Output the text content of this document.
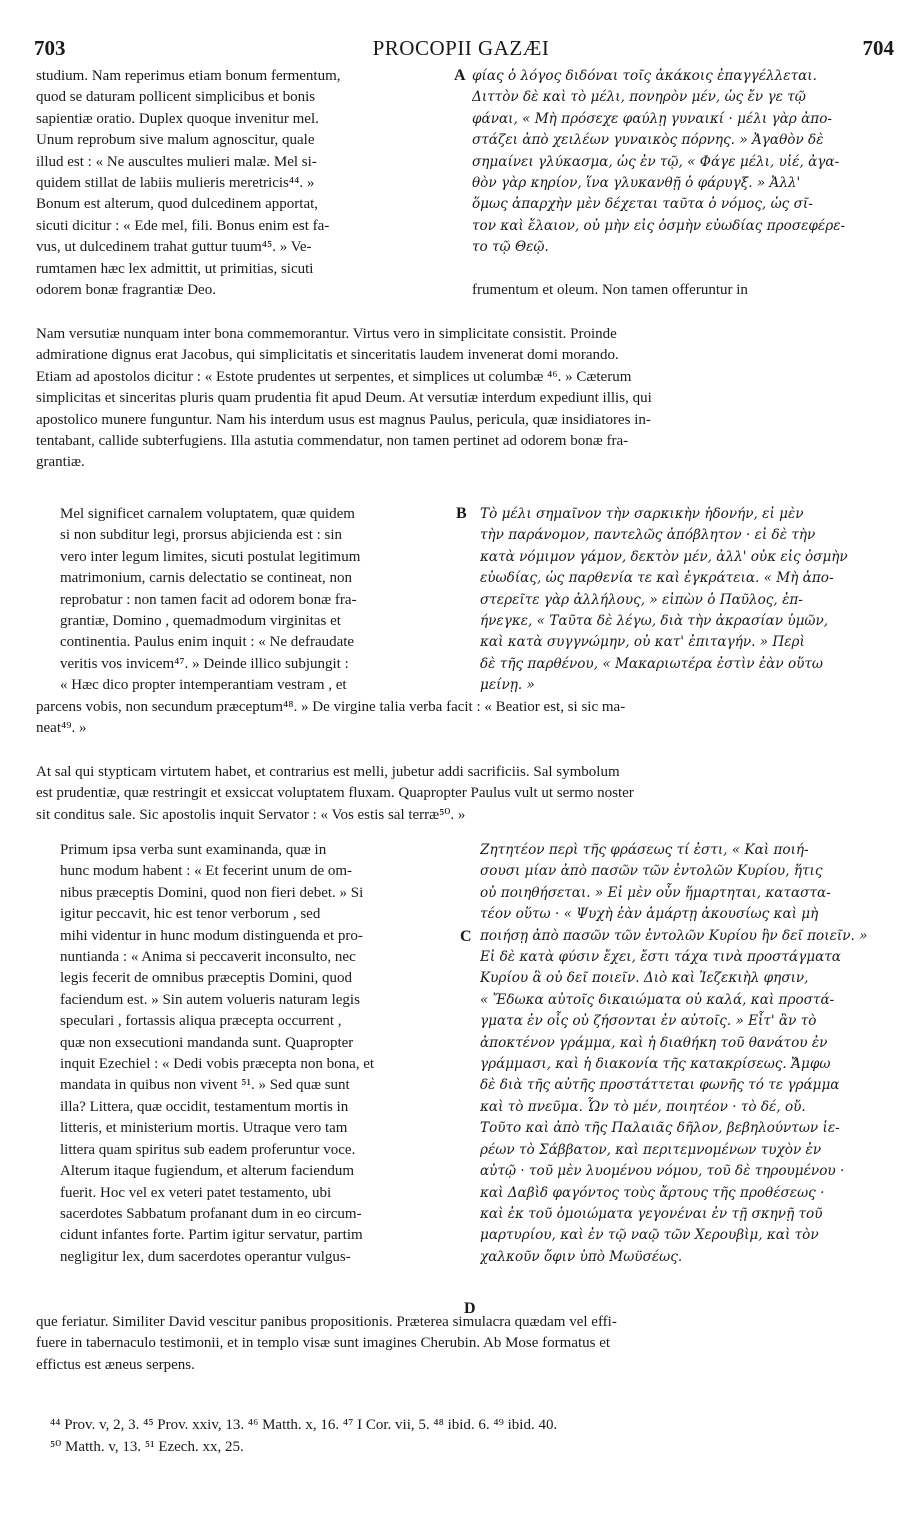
703	PROCOPII GAZÆI	704
studium. Nam reperimus etiam bonum fermentum,
quod se daturam pollicent simplicibus et bonis
sapientiæ oratio. Duplex quoque invenitur mel.
Unum reprobum sive malum agnoscitur, quale
illud est : « Ne auscultes mulieri malæ. Mel si-
quidem stillat de labiis mulieris meretricis⁴⁴. »
Bonum est alterum, quod dulcedinem apportat,
sicuti dicitur : « Ede mel, fili. Bonus enim est fa-
vus, ut dulcedinem trahat guttur tuum⁴⁵. » Ve-
rumtamen hæc lex admittit, ut primitias, sicuti
odorem bonæ fragrantiæ Deo.
A φίας ὁ λόγος διδόναι τοῖς ἀκάκοις ἐπαγγέλλεται.
Διττὸν δὲ καὶ τὸ μέλι, πονηρὸν μέν, ὡς ἔν γε τῷ
φάναι, « Μὴ πρόσεχε φαύλῃ γυναικί · μέλι γὰρ ἀπο-
στάζει ἀπὸ χειλέων γυναικὸς πόρνης. » Ἀγαθὸν δὲ
σημαίνει γλύκασμα, ὡς ἐν τῷ, « Φάγε μέλι, υἱέ, ἀγα-
θὸν γὰρ κηρίον, ἵνα γλυκανθῇ ὁ φάρυγξ. » Ἀλλ'
ὅμως ἀπαρχὴν μὲν δέχεται ταῦτα ὁ νόμος, ὡς σῖ-
τον καὶ ἔλαιον, οὐ μὴν εἰς ὀσμὴν εὐωδίας προσεφέρε-
το τῷ Θεῷ.
frumentum et oleum. Non tamen offeruntur in
Nam versutiæ nunquam inter bona commemorantur. Virtus vero in simplicitate consistit. Proinde
admiratione dignus erat Jacobus, qui simplicitatis et sinceritatis laudem invenerat domi morando.
Etiam ad apostolos dicitur : « Estote prudentes ut serpentes, et simplices ut columbæ ⁴⁶. » Cæterum
simplicitas et sinceritas pluris quam prudentia fit apud Deum. At versutiæ interdum expediunt illis, qui
apostolico munere funguntur. Nam his interdum usus est magnus Paulus, pericula, quæ insidiatores in-
tentabant, callide subterfugiens. Illa astutia commendatur, non tamen pertinet ad odorem bonæ fra-
grantiæ.
Mel significet carnalem voluptatem, quæ quidem
si non subditur legi, prorsus abjicienda est : sin
vero inter legum limites, sicuti postulat legitimum
matrimonium, carnis delectatio se contineat, non
reprobatur : non tamen facit ad odorem bonæ fra-
grantiæ, Domino , quemadmodum virginitas et
continentia. Paulus enim inquit : « Ne defraudate
veritis vos invicem⁴⁷. » Deinde illico subjungit :
« Hæc dico propter intemperantiam vestram , et
B Τὸ μέλι σημαῖνον τὴν σαρκικὴν ἡδονήν, εἰ μὲν
τὴν παράνομον, παντελῶς ἀπόβλητον · εἰ δὲ τὴν
κατὰ νόμιμον γάμον, δεκτὸν μέν, ἀλλ' οὐκ εἰς ὀσμὴν
εὐωδίας, ὡς παρθενία τε καὶ ἐγκράτεια. « Μὴ ἀπο-
στερεῖτε γὰρ ἀλλήλους, » εἰπὼν ὁ Παῦλος, ἐπ-
ήνεγκε, « Ταῦτα δὲ λέγω, διὰ τὴν ἀκρασίαν ὑμῶν,
καὶ κατὰ συγγνώμην, οὐ κατ' ἐπιταγήν. » Περὶ
δὲ τῆς παρθένου, « Μακαριωτέρα ἐστὶν ἐὰν οὕτω
μείνῃ. »
parcens vobis, non secundum præceptum⁴⁸. » De virgine talia verba facit : « Beatior est, si sic ma-
neat⁴⁹. »
At sal qui stypticam virtutem habet, et contrarius est melli, jubetur addi sacrificiis. Sal symbolum
est prudentiæ, quæ restringit et exsiccat voluptatem fluxam. Quapropter Paulus vult ut sermo noster
sit conditus sale. Sic apostolis inquit Servator : « Vos estis sal terræ⁵⁰. »
Primum ipsa verba sunt examinanda, quæ in
hunc modum habent : « Et fecerint unum de om-
nibus præceptis Domini, quod non fieri debet. » Si
igitur peccavit, hic est tenor verborum , sed
mihi videntur in hunc modum distinguenda et pro-
nuntianda : « Anima si peccaverit inconsulto, nec
legis fecerit de omnibus præceptis Domini, quod
faciendum est. » Sin autem volueris naturam legis
speculari , fortassis aliqua præcepta occurrent ,
quæ non exsecutioni mandanda sunt. Quapropter
inquit Ezechiel : « Dedi vobis præcepta non bona, et
mandata in quibus non vivent ⁵¹. » Sed quæ sunt
illa? Littera, quæ occidit, testamentum mortis in
litteris, et ministerium mortis. Utraque vero tam
littera quam spiritus sub eadem proferuntur voce.
Alterum itaque fugiendum, et alterum faciendum
fuerit. Hoc vel ex veteri patet testamento, ubi
sacerdotes Sabbatum profanant dum in eo circum-
cidunt infantes forte. Partim igitur servatur, partim
negligitur lex, dum sacerdotes operantur vulgus-
C
D
Ζητητέον περὶ τῆς φράσεως τί ἐστι, « Καὶ ποιή-
σουσι μίαν ἀπὸ πασῶν τῶν ἐντολῶν Κυρίου, ἥτις
οὐ ποιηθήσεται. » Εἰ μὲν οὖν ἥμαρτηται, καταστα-
τέον οὕτω · « Ψυχὴ ἐὰν ἁμάρτῃ ἀκουσίως καὶ μὴ
ποιήσῃ ἀπὸ πασῶν τῶν ἐντολῶν Κυρίου ἣν δεῖ ποιεῖν. »
Εἰ δὲ κατὰ φύσιν ἔχει, ἔστι τάχα τινὰ προστάγματα
Κυρίου ἃ οὐ δεῖ ποιεῖν. Διὸ καὶ Ἰεζεκιὴλ φησιν,
« Ἔδωκα αὐτοῖς δικαιώματα οὐ καλά, καὶ προστά-
γματα ἐν οἷς οὐ ζήσονται ἐν αὐτοῖς. » Εἶτ' ἂν τὸ
ἀποκτένον γράμμα, καὶ ἡ διαθήκη τοῦ θανάτου ἐν
γράμμασι, καὶ ἡ διακονία τῆς κατακρίσεως. Ἄμφω
δὲ διὰ τῆς αὐτῆς προστάττεται φωνῆς τό τε γράμμα
καὶ τὸ πνεῦμα. Ὧν τὸ μέν, ποιητέον · τὸ δέ, οὔ.
Τοῦτο καὶ ἀπὸ τῆς Παλαιᾶς δῆλον, βεβηλούντων ἱε-
ρέων τὸ Σάββατον, καὶ περιτεμνομένων τυχὸν ἐν
αὐτῷ · τοῦ μὲν λυομένου νόμου, τοῦ δὲ τηρουμένου ·
καὶ Δαβὶδ φαγόντος τοὺς ἄρτους τῆς προθέσεως ·
καὶ ἐκ τοῦ ὁμοιώματα γεγονέναι ἐν τῇ σκηνῇ τοῦ
μαρτυρίου, καὶ ἐν τῷ ναῷ τῶν Χερουβὶμ, καὶ τὸν
χαλκοῦν ὄφιν ὑπὸ Μωϋσέως.
que feriatur. Similiter David vescitur panibus propositionis. Præterea simulacra quædam vel effi-
fuere in tabernaculo testimonii, et in templo visæ sunt imagines Cherubin. Ab Mose formatus et
effictus est æneus serpens.
⁴⁴ Prov. v, 2, 3. ⁴⁵ Prov. xxiv, 13. ⁴⁶ Matth. x, 16. ⁴⁷ I Cor. vii, 5. ⁴⁸ ibid. 6. ⁴⁹ ibid. 40.
⁵⁰ Matth. v, 13. ⁵¹ Ezech. xx, 25.
